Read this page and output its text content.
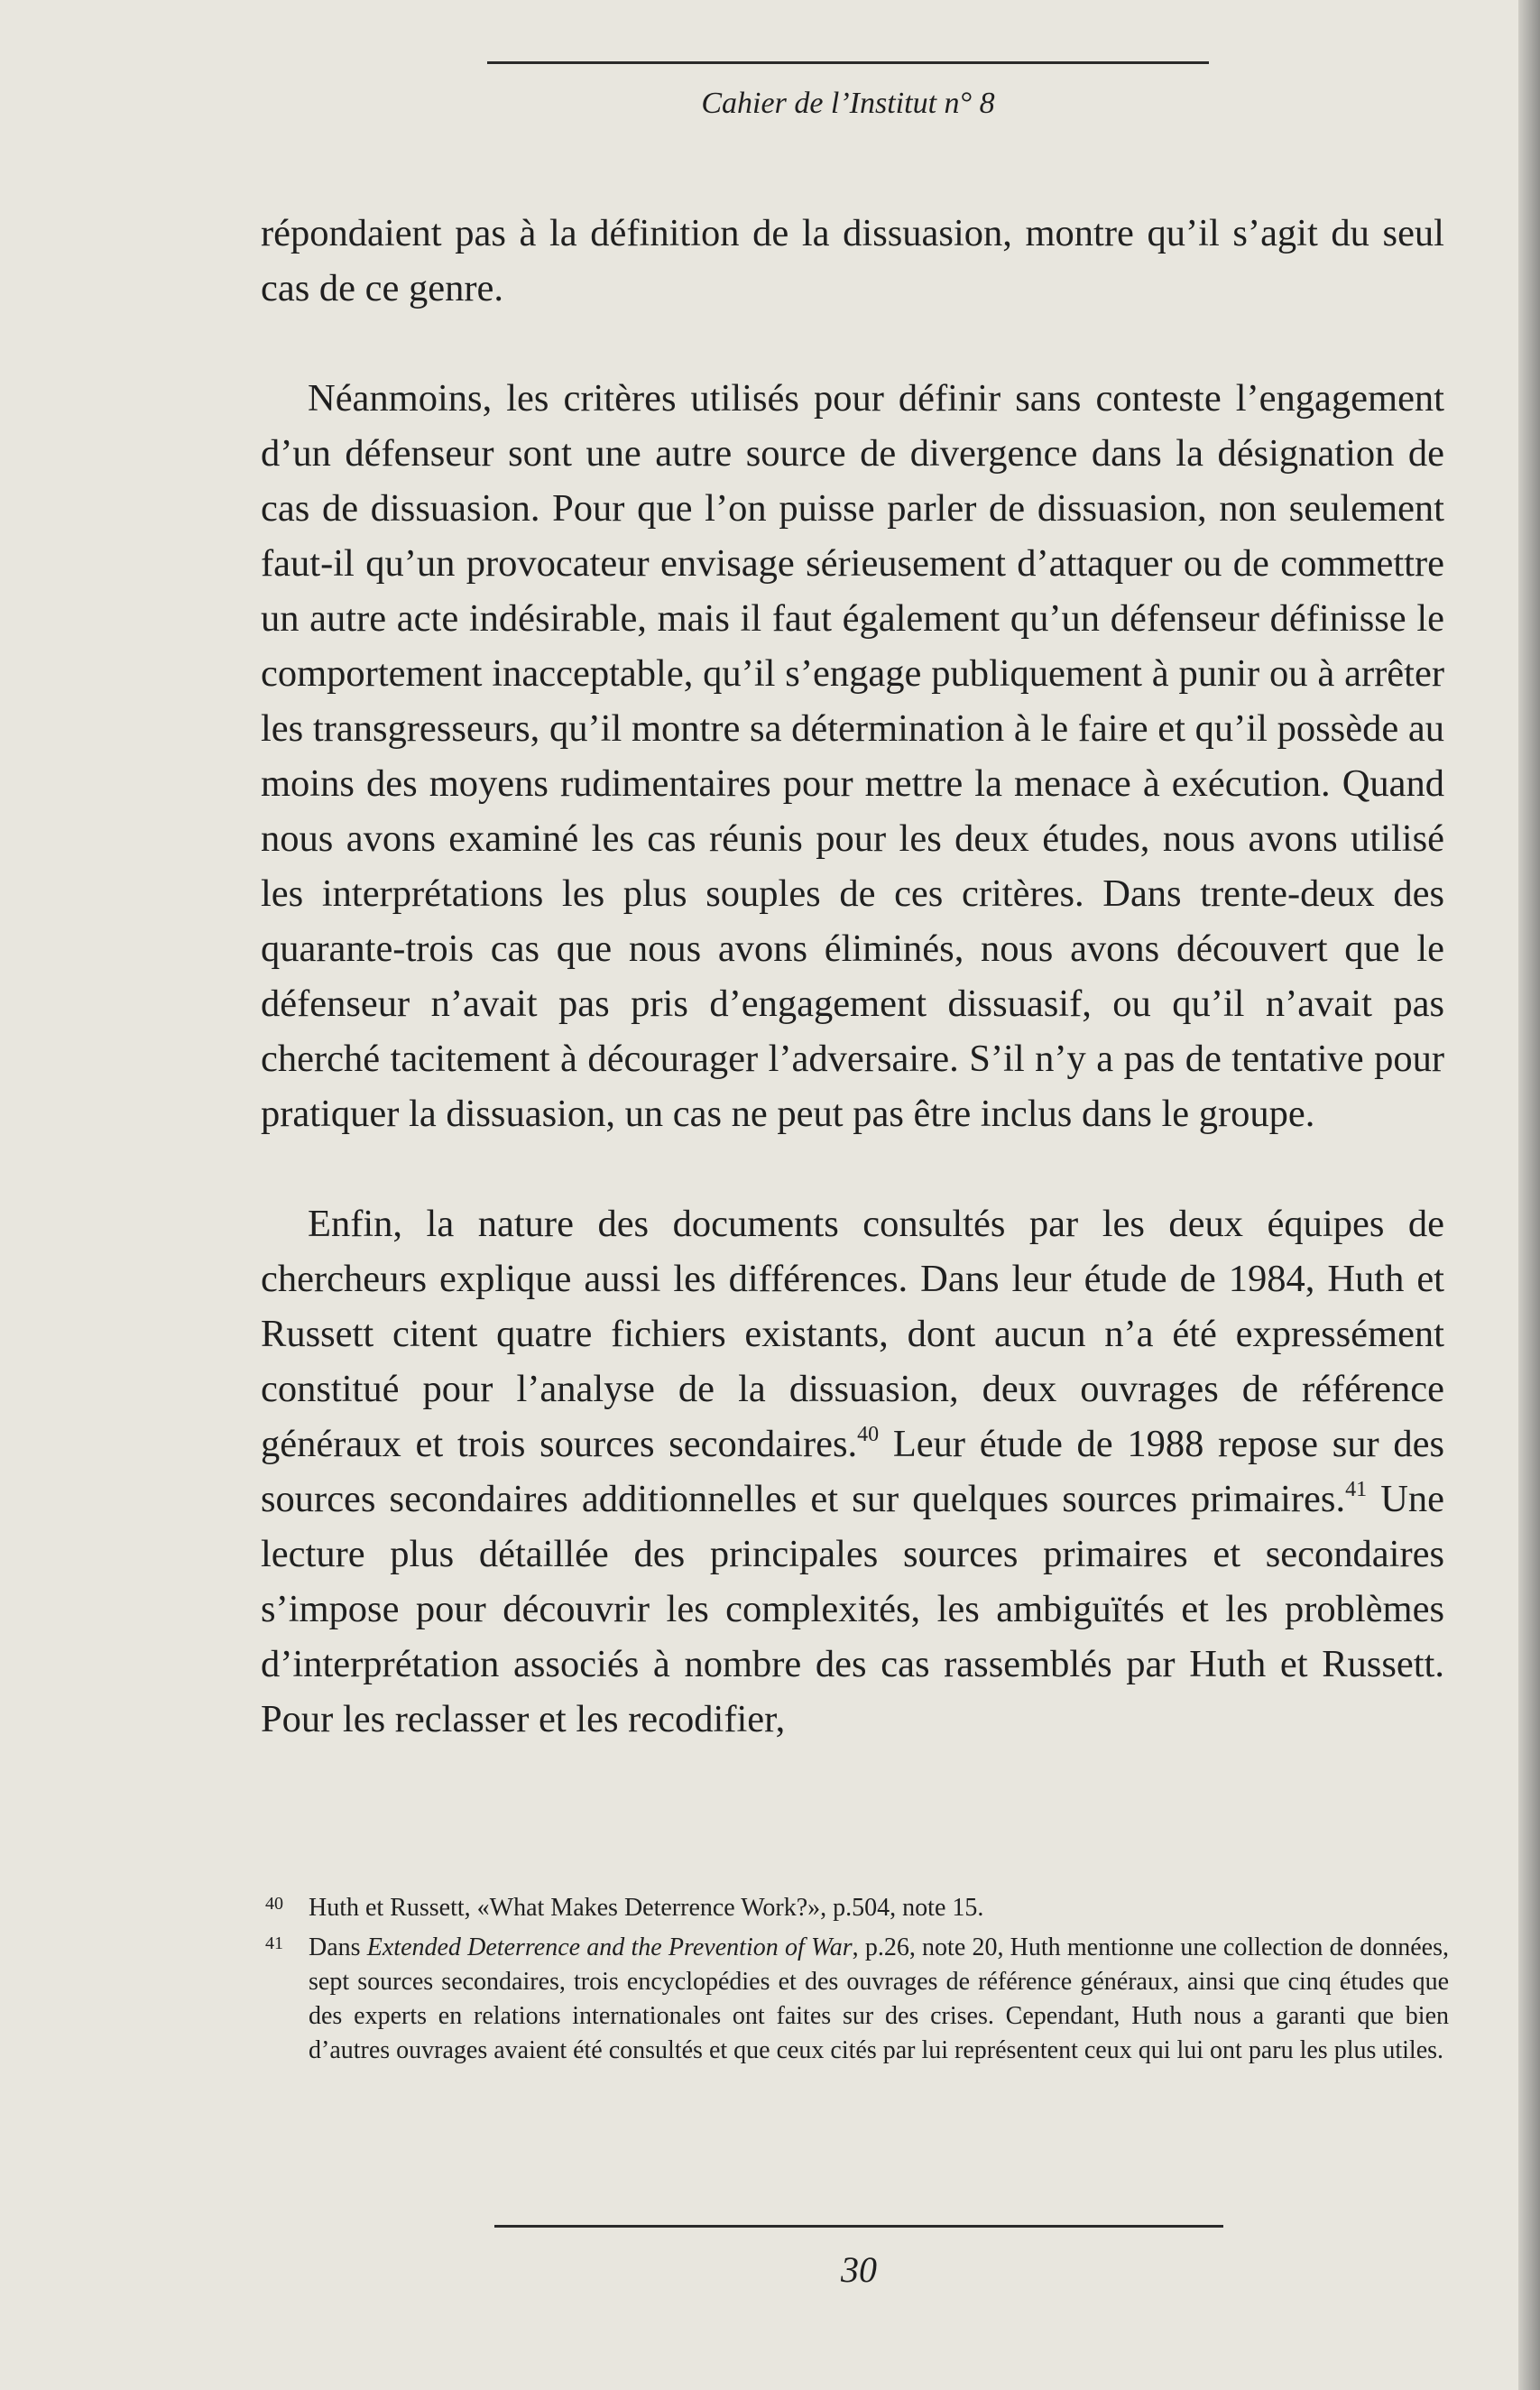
Cahier de l’Institut n° 8

répondaient pas à la définition de la dissuasion, montre qu’il s’agit du seul cas de ce genre.

Néanmoins, les critères utilisés pour définir sans conteste l’engagement d’un défenseur sont une autre source de divergence dans la désignation de cas de dissuasion. Pour que l’on puisse parler de dissuasion, non seulement faut-il qu’un provocateur envisage sérieusement d’attaquer ou de commettre un autre acte indésirable, mais il faut également qu’un défenseur définisse le comportement inacceptable, qu’il s’engage publiquement à punir ou à arrêter les transgresseurs, qu’il montre sa détermination à le faire et qu’il possède au moins des moyens rudimentaires pour mettre la menace à exécution. Quand nous avons examiné les cas réunis pour les deux études, nous avons utilisé les interprétations les plus souples de ces critères. Dans trente-deux des quarante-trois cas que nous avons éliminés, nous avons découvert que le défenseur n’avait pas pris d’engagement dissuasif, ou qu’il n’avait pas cherché tacitement à décourager l’adversaire. S’il n’y a pas de tentative pour pratiquer la dissuasion, un cas ne peut pas être inclus dans le groupe.

Enfin, la nature des documents consultés par les deux équipes de chercheurs explique aussi les différences. Dans leur étude de 1984, Huth et Russett citent quatre fichiers existants, dont aucun n’a été expressément constitué pour l’analyse de la dissuasion, deux ouvrages de référence généraux et trois sources secondaires.$^{40}$ Leur étude de 1988 repose sur des sources secondaires additionnelles et sur quelques sources primaires.$^{41}$ Une lecture plus détaillée des principales sources primaires et secondaires s’impose pour découvrir les complexités, les ambiguïtés et les problèmes d’interprétation associés à nombre des cas rassemblés par Huth et Russett. Pour les reclasser et les recodifier,

40 Huth et Russett, «What Makes Deterrence Work?», p.504, note 15.
41 Dans Extended Deterrence and the Prevention of War, p.26, note 20, Huth mentionne une collection de données, sept sources secondaires, trois encyclopédies et des ouvrages de référence généraux, ainsi que cinq études que des experts en relations internationales ont faites sur des crises. Cependant, Huth nous a garanti que bien d’autres ouvrages avaient été consultés et que ceux cités par lui représentent ceux qui lui ont paru les plus utiles.
30
